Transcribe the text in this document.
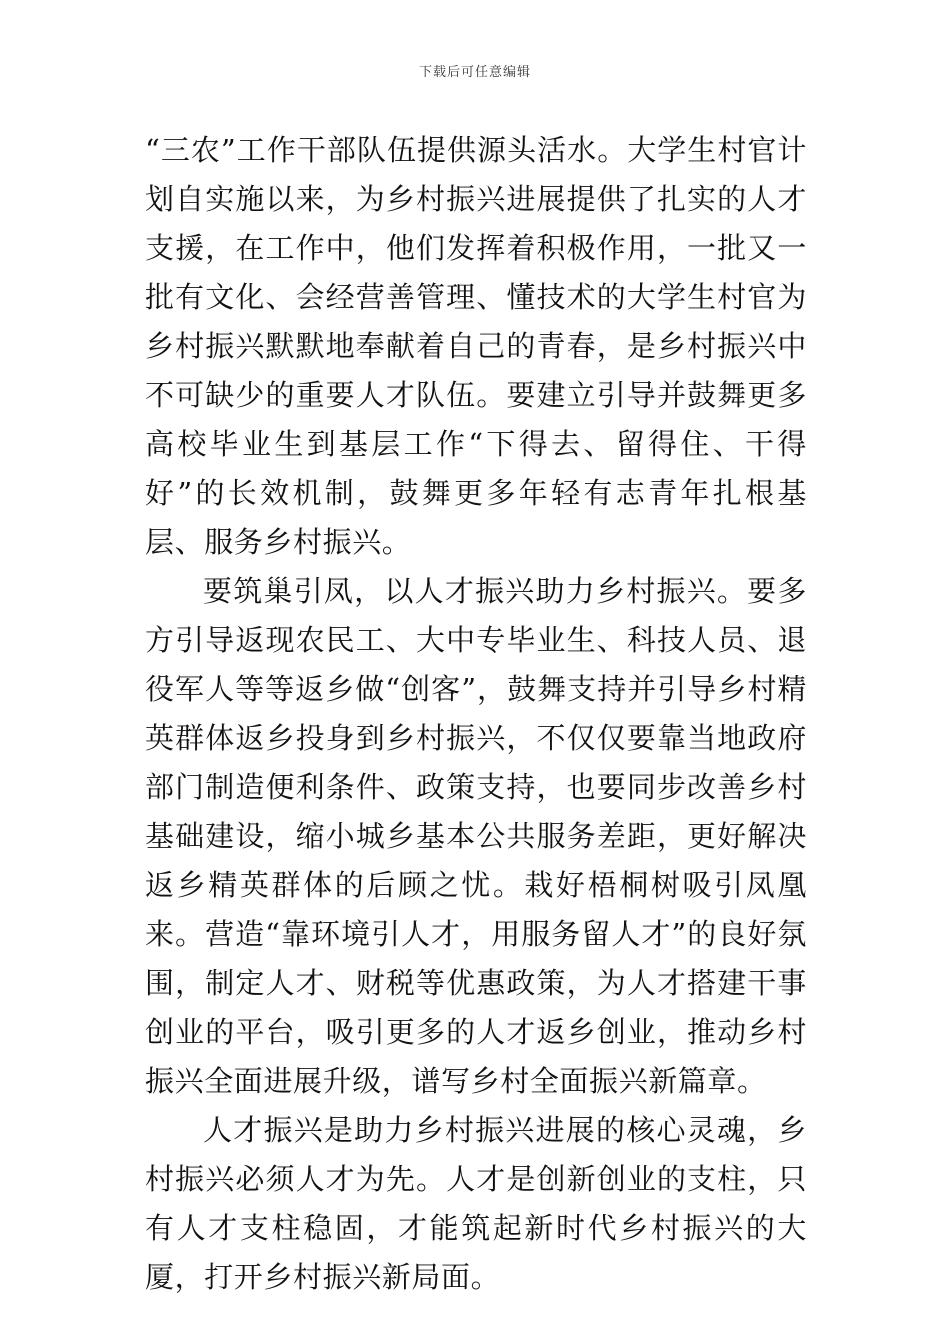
下载后可任意编辑

“三农”工作干部队伍提供源头活水。大学生村官计划自实施以来，为乡村振兴进展提供了扎实的人才支援，在工作中，他们发挥着积极作用，一批又一批有文化、会经营善管理、懂技术的大学生村官为乡村振兴默默地奉献着自己的青春，是乡村振兴中不可缺少的重要人才队伍。要建立引导并鼓舞更多高校毕业生到基层工作“下得去、留得住、干得好”的长效机制，鼓舞更多年轻有志青年扎根基层、服务乡村振兴。

要筑巢引凤，以人才振兴助力乡村振兴。要多方引导返现农民工、大中专毕业生、科技人员、退役军人等等返乡做“创客”，鼓舞支持并引导乡村精英群体返乡投身到乡村振兴，不仅仅要靠当地政府部门制造便利条件、政策支持，也要同步改善乡村基础建设，缩小城乡基本公共服务差距，更好解决返乡精英群体的后顾之忧。栽好梧桐树吸引凤凰来。营造“靠环境引人才，用服务留人才”的良好氛围，制定人才、财税等优惠政策，为人才搭建干事创业的平台，吸引更多的人才返乡创业，推动乡村振兴全面进展升级，谱写乡村全面振兴新篇章。

人才振兴是助力乡村振兴进展的核心灵魂，乡村振兴必须人才为先。人才是创新创业的支柱，只有人才支柱稳固，才能筑起新时代乡村振兴的大厦，打开乡村振兴新局面。
